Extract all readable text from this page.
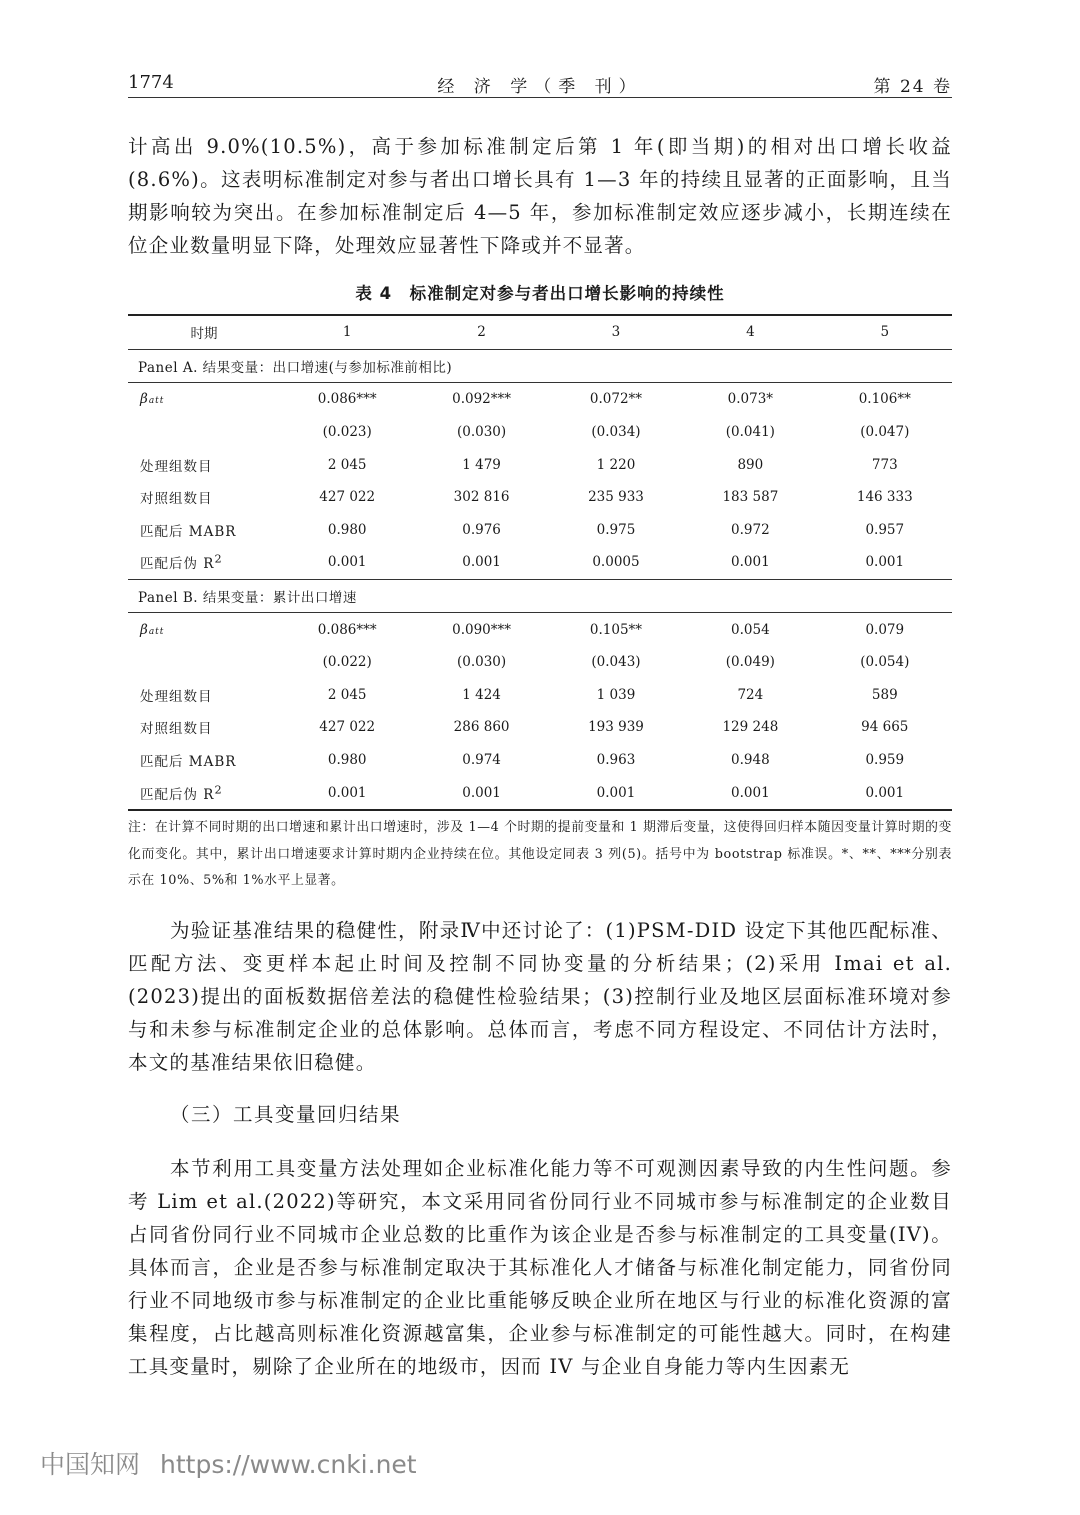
1774	经 济 学（季 刊）	第 24 卷

计高出 9.0%(10.5%)，高于参加标准制定后第 1 年(即当期)的相对出口增长收益(8.6%)。这表明标准制定对参与者出口增长具有 1—3 年的持续且显著的正面影响，且当期影响较为突出。在参加标准制定后 4—5 年，参加标准制定效应逐步减小，长期连续在位企业数量明显下降，处理效应显著性下降或并不显著。

表 4　标准制定对参与者出口增长影响的持续性
时期	1	2	3	4	5
Panel A. 结果变量：出口增速(与参加标准前相比)					
βatt	0.086***	0.092***	0.072**	0.073*	0.106**
	(0.023)	(0.030)	(0.034)	(0.041)	(0.047)
处理组数目	2 045	1 479	1 220	890	773
对照组数目	427 022	302 816	235 933	183 587	146 333
匹配后 MABR	0.980	0.976	0.975	0.972	0.957
匹配后伪 $R^2$	0.001	0.001	0.0005	0.001	0.001
Panel B. 结果变量：累计出口增速					
βatt	0.086***	0.090***	0.105**	0.054	0.079
	(0.022)	(0.030)	(0.043)	(0.049)	(0.054)
处理组数目	2 045	1 424	1 039	724	589
对照组数目	427 022	286 860	193 939	129 248	94 665
匹配后 MABR	0.980	0.974	0.963	0.948	0.959
匹配后伪 $R^2$	0.001	0.001	0.001	0.001	0.001

注：在计算不同时期的出口增速和累计出口增速时，涉及 1—4 个时期的提前变量和 1 期滞后变量，这使得回归样本随因变量计算时期的变化而变化。其中，累计出口增速要求计算时期内企业持续在位。其他设定同表 3 列(5)。括号中为 bootstrap 标准误。*、**、***分别表示在 10%、5%和 1%水平上显著。

为验证基准结果的稳健性，附录Ⅳ中还讨论了：(1)PSM-DID 设定下其他匹配标准、匹配方法、变更样本起止时间及控制不同协变量的分析结果；(2)采用 Imai et al.(2023)提出的面板数据倍差法的稳健性检验结果；(3)控制行业及地区层面标准环境对参与和未参与标准制定企业的总体影响。总体而言，考虑不同方程设定、不同估计方法时，本文的基准结果依旧稳健。

（三）工具变量回归结果

本节利用工具变量方法处理如企业标准化能力等不可观测因素导致的内生性问题。参考 Lim et al.(2022)等研究，本文采用同省份同行业不同城市参与标准制定的企业数目占同省份同行业不同城市企业总数的比重作为该企业是否参与标准制定的工具变量(IV)。具体而言，企业是否参与标准制定取决于其标准化人才储备与标准化制定能力，同省份同行业不同地级市参与标准制定的企业比重能够反映企业所在地区与行业的标准化资源的富集程度，占比越高则标准化资源越富集，企业参与标准制定的可能性越大。同时，在构建工具变量时，剔除了企业所在的地级市，因而 IV 与企业自身能力等内生因素无

中国知网 https://www.cnki.net
